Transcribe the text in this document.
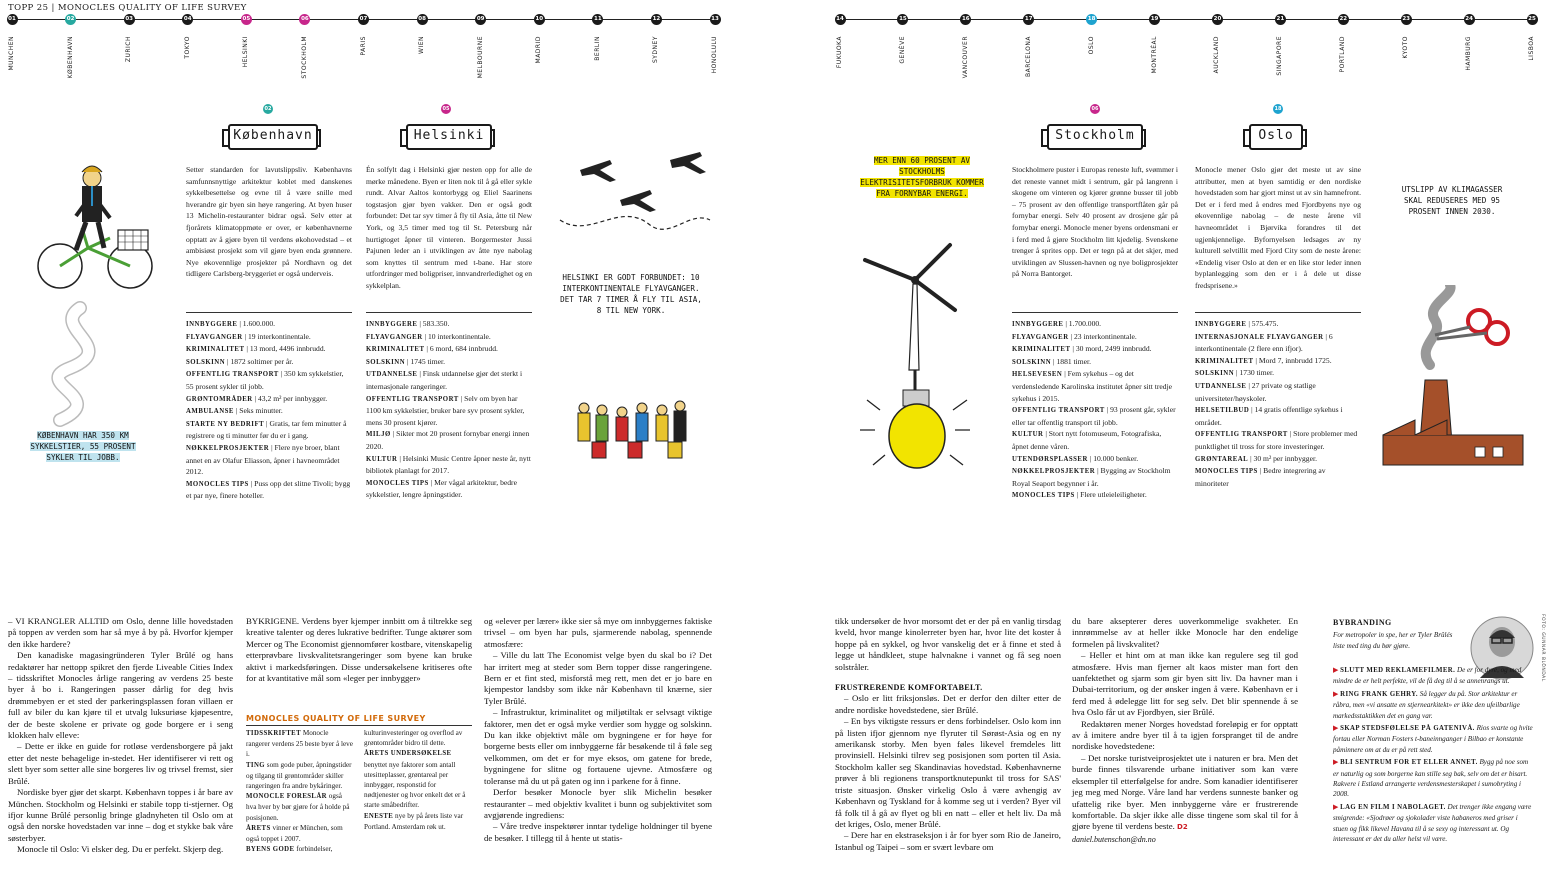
TOPP 25 | MONOCLES QUALITY OF LIFE SURVEY
01
MÜNCHEN
02
KØBENHAVN
03
ZÜRICH
04
TOKYO
05
HELSINKI
06
STOCKHOLM
07
PARIS
08
WIEN
09
MELBOURNE
10
MADRID
11
BERLIN
12
SYDNEY
13
HONOLULU
14
FUKUOKA
15
GENÈVE
16
VANCOUVER
17
BARCELONA
18
OSLO
19
MONTRÉAL
20
AUCKLAND
21
SINGAPORE
22
PORTLAND
23
KYOTO
24
HAMBURG
25
LISBOA
02
København
Setter standarden for lavutslippsliv. Københavns samfunnsnyttige arkitektur koblet med danskenes sykkelbesettelse og evne til å være snille med hverandre gir byen sin høye rangering. At byen huser 13 Michelin-restauranter bidrar også. Selv etter at fjorårets klimatoppmøte er over, er københavnerne opptatt av å gjøre byen til verdens økohovedstad – et ambisiøst prosjekt som vil gjøre byen enda grønnere. Nye økovennlige prosjekter på Nordhavn og det tidligere Carlsberg-bryggeriet er også underveis.
INNBYGGERE | 1.600.000.
FLYAVGANGER | 19 interkontinentale.
KRIMINALITET | 13 mord, 4496 innbrudd.
SOLSKINN | 1872 soltimer per år.
OFFENTLIG TRANSPORT | 350 km sykkelstier, 55 prosent sykler til jobb.
GRØNTOMRÅDER | 43,2 m² per innbygger.
AMBULANSE | Seks minutter.
STARTE NY BEDRIFT | Gratis, tar fem minutter å registrere og ti minutter før du er i gang.
NØKKELPROSJEKTER | Flere nye broer, blant annet en av Olafur Eliasson, åpner i havneområdet 2012.
MONOCLES TIPS | Puss opp det slitne Tivoli; bygg et par nye, finere hoteller.
KØBENHAVN HAR 350 KM SYKKELSTIER, 55 PROSENT SYKLER TIL JOBB.
05
Helsinki
Én solfylt dag i Helsinki gjør nesten opp for alle de mørke månedene. Byen er liten nok til å gå eller sykle rundt. Alvar Aaltos kontorbygg og Eliel Saarinens togstasjon gjør byen vakker. Den er også godt forbundet: Det tar syv timer å fly til Asia, åtte til New York, og 3,5 timer med tog til St. Petersburg når hurtigtoget åpner til vinteren. Borgermester Jussi Pajunen leder an i utviklingen av åtte nye nabolag som knyttes til sentrum med t-bane. Har store utfordringer med boligpriser, innvandrerledighet og en sykkelplan.
INNBYGGERE | 583.350.
FLYAVGANGER | 10 interkontinentale.
KRIMINALITET | 6 mord, 684 innbrudd.
SOLSKINN | 1745 timer.
UTDANNELSE | Finsk utdannelse gjør det sterkt i internasjonale rangeringer.
OFFENTLIG TRANSPORT | Selv om byen har 1100 km sykkelstier, bruker bare syv prosent sykler, mens 30 prosent kjører.
MILJØ | Sikter mot 20 prosent fornybar energi innen 2020.
KULTUR | Helsinki Music Centre åpner neste år, nytt bibliotek planlagt for 2017.
MONOCLES TIPS | Mer vågal arkitektur, bedre sykkelstier, lengre åpningstider.
HELSINKI ER GODT FORBUNDET: 10 INTERKONTINENTALE FLYAVGANGER. DET TAR 7 TIMER Å FLY TIL ASIA, 8 TIL NEW YORK.
06
Stockholm
Stockholmere puster i Europas reneste luft, svømmer i det reneste vannet midt i sentrum, går på langrenn i skogene om vinteren og kjører grønne busser til jobb – 75 prosent av den offentlige transportflåten går på fornybar energi. Selv 40 prosent av drosjene går på fornybar energi. Monocle mener byens ordensmani er i ferd med å gjøre Stockholm litt kjedelig. Svenskene trenger å sprites opp. Det er tegn på at det skjer, med utviklingen av Slussen-havnen og nye boligprosjekter på Norra Bantorget.
INNBYGGERE | 1.700.000.
FLYAVGANGER | 23 interkontinentale.
KRIMINALITET | 30 mord, 2499 innbrudd.
SOLSKINN | 1881 timer.
HELSEVESEN | Fem sykehus – og det verdensledende Karolinska institutet åpner sitt tredje sykehus i 2015.
OFFENTLIG TRANSPORT | 93 prosent går, sykler eller tar offentlig transport til jobb.
KULTUR | Stort nytt fotomuseum, Fotografiska, åpnet denne våren.
UTENDØRSPLASSER | 10.000 benker.
NØKKELPROSJEKTER | Bygging av Stockholm Royal Seaport begynner i år.
MONOCLES TIPS | Flere utleieleiligheter.
MER ENN 60 PROSENT AV STOCKHOLMS ELEKTRISITETSFORBRUK KOMMER FRA FORNYBAR ENERGI.
18
Oslo
Monocle mener Oslo gjør det meste ut av sine attributter, men at byen samtidig er den nordiske hovedstaden som har gjort minst ut av sin hamnefront. Det er i ferd med å endres med Fjordbyens nye og økovennlige nabolag – de neste årene vil havneområdet i Bjørvika forandres til det ugjenkjennelige. Byfornyelsen ledsages av ny kulturell selvtillit med Fjord City som de neste årene: «Endelig viser Oslo at den er en like stor leder innen byplanlegging som den er i å dele ut disse fredsprisene.»
INNBYGGERE | 575.475.
INTERNASJONALE FLYAVGANGER | 6 interkontinentale (2 flere enn ifjor).
KRIMINALITET | Mord 7, innbrudd 1725.
SOLSKINN | 1730 timer.
UTDANNELSE | 27 private og statlige universiteter/høyskoler.
HELSETILBUD | 14 gratis offentlige sykehus i området.
OFFENTLIG TRANSPORT | Store problemer med punktlighet til tross for store investeringer.
GRØNTAREAL | 30 m² per innbygger.
MONOCLES TIPS | Bedre integrering av minoriteter
UTSLIPP AV KLIMAGASSER SKAL REDUSERES MED 95 PROSENT INNEN 2030.

– VI KRANGLER ALLTID om Oslo, denne lille hovedstaden på toppen av verden som har så mye å by på. Hvorfor kjemper den ikke hardere?

Den kanadiske magasingründeren Tyler Brûlé og hans redaktører har nettopp spikret den fjerde Liveable Cities Index – tidsskriftet Monocles årlige rangering av verdens 25 beste byer å bo i. Rangeringen passer dårlig for deg hvis drømmebyen er et sted der parkeringsplassen foran villaen er full av biler du kan kjøre til et utvalg luksuriøse kjøpesentre, der de beste skolene er private og gode borgere er i seng klokken halv elleve:

– Dette er ikke en guide for rotløse verdensborgere på jakt etter det neste behagelige in-stedet. Her identifiserer vi rett og slett byer som setter alle sine borgeres liv og trivsel fremst, sier Brûlé.

Nordiske byer gjør det skarpt. København toppes i år bare av München. Stockholm og Helsinki er stabile topp ti-stjerner. Og ifjor kunne Brûlé personlig bringe gladnyheten til Oslo om at også den norske hovedstaden var inne – dog et stykke bak våre søsterbyer.

Monocle til Oslo: Vi elsker deg. Du er perfekt. Skjerp deg.

BYKRIGENE. Verdens byer kjemper innbitt om å tiltrekke seg kreative talenter og deres lukrative bedrifter. Tunge aktører som Mercer og The Economist gjennomfører kostbare, vitenskapelig etterprøvbare livskvalitetsrangeringer som byene kan bruke aktivt i markedsføringen. Disse undersøkelsene kritiseres ofte for at kvantitative mål som «leger per innbygger»

MONOCLES QUALITY OF LIFE SURVEY
TIDSSKRIFTET Monocle rangerer verdens 25 beste byer å leve i.
TING som gode puber, åpningstider og tilgang til grøntområder skiller rangeringen fra andre bykåringer.
MONOCLE FORESLÅR også hva hver by bør gjøre for å holde på posisjonen.
ÅRETS vinner er München, som også toppet i 2007.
BYENS GODE forbindelser,
kulturinvesteringer og overflod av grøntområder bidro til dette.
ÅRETS UNDERSØKELSE benyttet nye faktorer som antall utesitteplasser, grøntareal per innbygger, responstid for nødtjenester og hvor enkelt det er å starte småbedrifter.
ENESTE nye by på årets liste var Portland. Amsterdam røk ut.

og «elever per lærer» ikke sier så mye om innbyggernes faktiske trivsel – om byen har puls, sjarmerende nabolag, spennende atmosfære:

– Ville du latt The Economist velge byen du skal bo i? Det har irritert meg at steder som Bern topper disse rangeringene. Bern er et fint sted, misforstå meg rett, men det er jo bare en kjempestor landsby som ikke når København til knærne, sier Tyler Brûlé.

– Infrastruktur, kriminalitet og miljøtiltak er selvsagt viktige faktorer, men det er også myke verdier som hygge og solskinn. Du kan ikke objektivt måle om bygningene er for høye for borgerne bests eller om innbyggerne får besøkende til å føle seg velkommen, om det er for mye eksos, om gatene for brede, bygningene for slitne og fortauene ujevne. Atmosfære og toleranse må du ut på gaten og inn i parkene for å finne.

Derfor besøker Monocle byer slik Michelin besøker restauranter – med objektiv kvalitet i bunn og subjektivitet som avgjørende ingrediens:

– Våre tredve inspektører inntar tydelige holdninger til byene de besøker. I tillegg til å hente ut statis-

tikk undersøker de hvor morsomt det er der på en vanlig tirsdag kveld, hvor mange kinolerreter byen har, hvor lite det koster å hoppe på en sykkel, og hvor vanskelig det er å finne et sted å legge ut håndkleet, stupe halvnakne i vannet og få seg noen solstråler.

FRUSTRERENDE KOMFORTABELT.

– Oslo er litt friksjonsløs. Det er derfor den dilter etter de andre nordiske hovedstedene, sier Brûlé.

– En bys viktigste ressurs er dens forbindelser. Oslo kom inn på listen ifjor gjennom nye flyruter til Sørøst-Asia og en ny amerikansk storby. Men byen føles likevel fremdeles litt provinsiell. Helsinki tilrev seg posisjonen som porten til Asia. Stockholm kaller seg Skandinavias hovedstad. Københavnerne prøver å bli regionens transportknutepunkt til tross for SAS' triste situasjon. Ønsker virkelig Oslo å være avhengig av København og Tyskland for å komme seg ut i verden? Byer vil få folk til å gå av flyet og bli en natt – eller et helt liv. Da må det kriges, Oslo, mener Brûlé.

– Dere har en ekstraseksjon i år for byer som Rio de Janeiro, Istanbul og Taipei – som er svært levbare om

du bare aksepterer deres uoverkommelige svakheter. En innrømmelse av at heller ikke Monocle har den endelige formelen på livskvalitet?

– Heller et hint om at man ikke kan regulere seg til god atmosfære. Hvis man fjerner alt kaos mister man fort den uanfektethet og sjarm som gir byen sitt liv. Da havner man i Dubai-territorium, og der ønsker ingen å være. København er i ferd med å ødelegge litt for seg selv. Det blir spennende å se hva Oslo får ut av Fjordbyen, sier Brûlé.

Redaktøren mener Norges hovedstad foreløpig er for opptatt av å imitere andre byer til å ta igjen forspranget til de andre nordiske hovedstedene:

– Det norske turistveiprosjektet ute i naturen er bra. Men det burde finnes tilsvarende urbane initiativer som kan være eksempler til etterfølgelse for andre. Som kanadier identifiserer jeg meg med Norge. Våre land har verdens sunneste banker og ufattelig rike byer. Men innbyggerne våre er frustrerende komfortable. Da skjer ikke alle disse tingene som skal til for å gjøre byene til verdens beste. D2

daniel.butenschon@dn.no
BYBRANDING
For metropoler in spe, her er Tyler Brûlés liste med ting du bør gjøre.	FOTO: GUNNAR BLÖNDAL
▶ SLUTT MED REKLAMEFILMER. De er for dyre, og med mindre de er helt perfekte, vil de få deg til å se annenrangs ut.
▶ RING FRANK GEHRY. Så legger du på. Stor arkitektur er råbra, men «vi ansatte en stjernearkitekt» er ikke den ufeilbarlige markedsstaktikken det en gang var.
▶ SKAP STEDSFØLELSE PÅ GATENIVÅ. Rios svarte og hvite fortau eller Norman Fosters t-baneinnganger i Bilbao er konstante påminnere om at du er på rett sted.
▶ BLI SENTRUM FOR ET ELLER ANNET. Bygg på noe som er naturlig og som borgerne kan stille seg bak, selv om det er bisart. Rakvere i Estland arrangerte verdensmesterskapet i sumobryting i 2008.
▶ LAG EN FILM I NABOLAGET. Det trenger ikke engang være smigrende: «Sjodrøer og sjokolader viste habaneros med griser i stuen og fikk likevel Havana til å se sexy og interessant ut. Og interessant er det du aller helst vil være.
